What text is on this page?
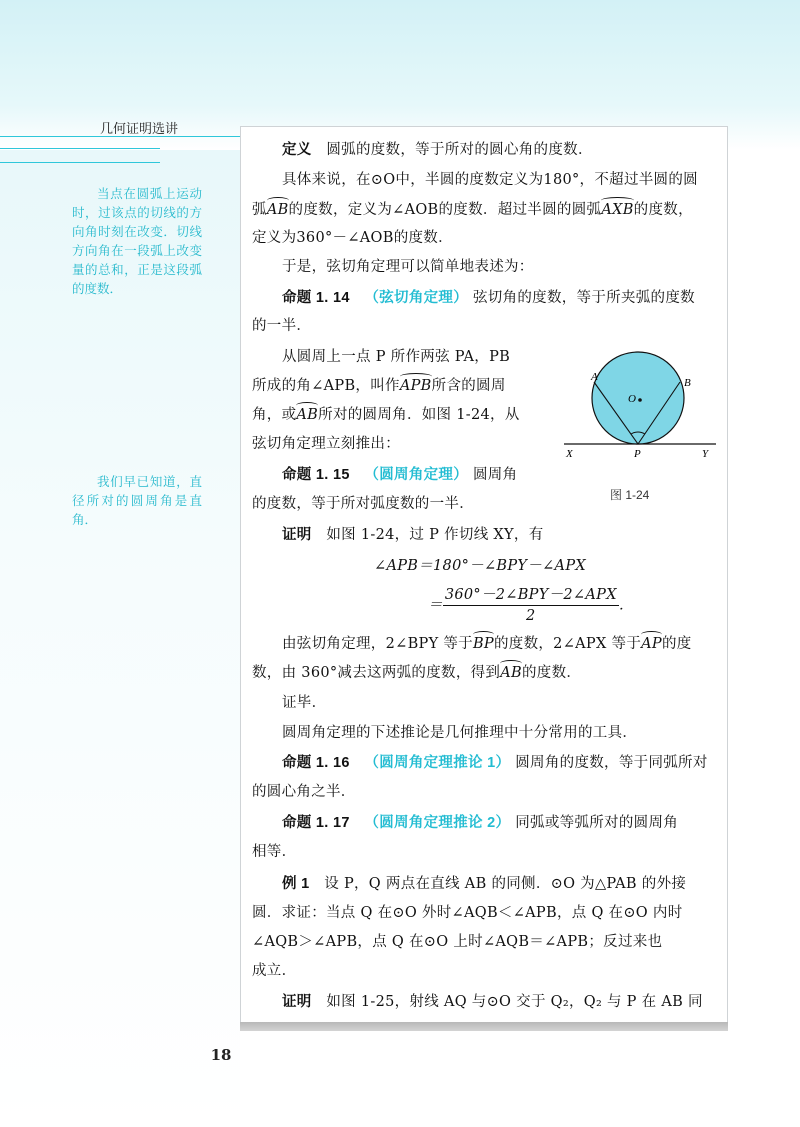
几何证明选讲
当点在圆弧上运动时，过该点的切线的方向角时刻在改变．切线方向角在一段弧上改变量的总和，正是这段弧的度数．
我们早已知道，直径所对的圆周角是直角．
定义 圆弧的度数，等于所对的圆心角的度数．
具体来说，在⊙O中，半圆的度数定义为180°，不超过半圆的圆
弧AB的度数，定义为∠AOB的度数．超过半圆的圆弧AXB的度数，
定义为360°－∠AOB的度数．
于是，弦切角定理可以简单地表述为：
命题 1. 14 （弦切角定理） 弦切角的度数，等于所夹弧的度数
的一半．
从圆周上一点 P 所作两弦 PA，PB
所成的角∠APB，叫作APB所含的圆周
角，或AB所对的圆周角．如图 1-24，从
弦切角定理立刻推出：
命题 1. 15 （圆周角定理） 圆周角
的度数，等于所对弧度数的一半．
证明 如图 1-24，过 P 作切线 XY，有
∠APB＝180°－∠BPY－∠APX
＝ $\frac{\text{360°－2∠BPY－2∠APX}}{2}$ ．
由弦切角定理，2∠BPY 等于BP的度数，2∠APX 等于AP的度
数，由 360°减去这两弧的度数，得到AB的度数．
证毕．
圆周角定理的下述推论是几何推理中十分常用的工具．
命题 1. 16 （圆周角定理推论 1） 圆周角的度数，等于同弧所对
的圆心角之半．
命题 1. 17 （圆周角定理推论 2） 同弧或等弧所对的圆周角
相等．
例 1 设 P，Q 两点在直线 AB 的同侧．⊙O 为△PAB 的外接
圆．求证：当点 Q 在⊙O 外时∠AQB＜∠APB，点 Q 在⊙O 内时
∠AQB＞∠APB，点 Q 在⊙O 上时∠AQB＝∠APB；反过来也
成立．
证明 如图 1-25，射线 AQ 与⊙O 交于 Q₂，Q₂ 与 P 在 AB 同
A	B
O
P
X	Y
图 1-24
18
